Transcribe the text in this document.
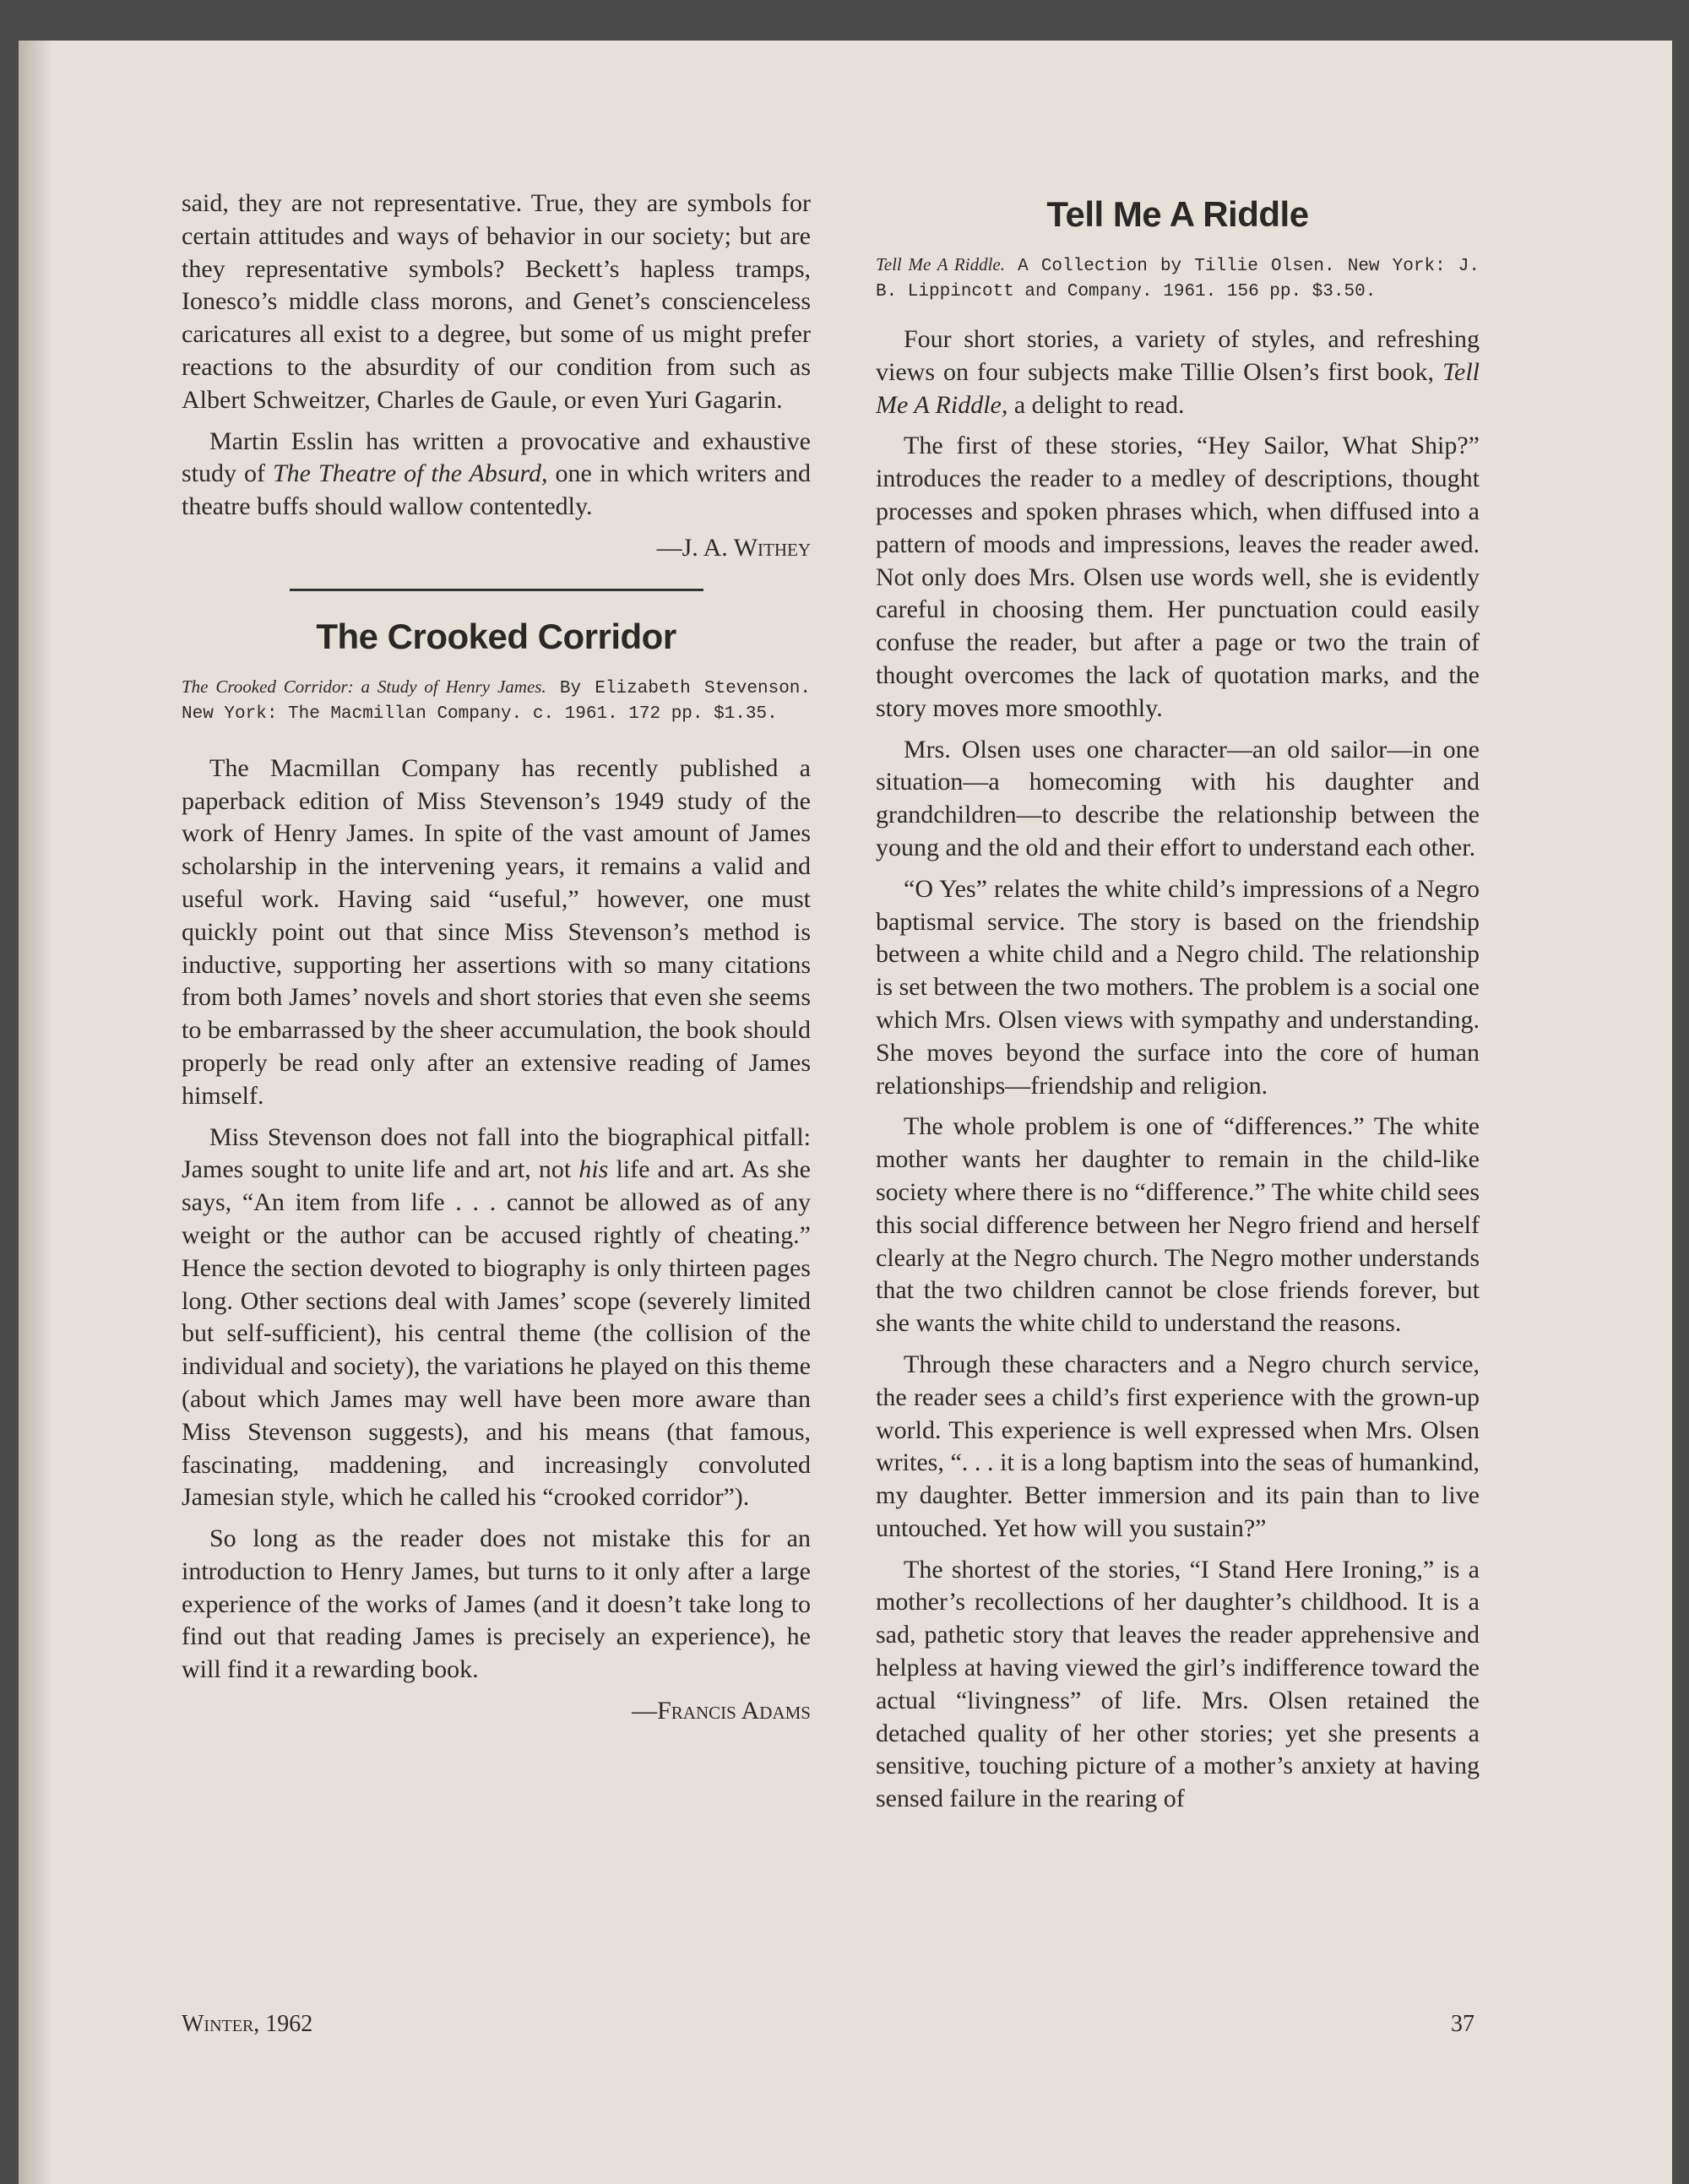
said, they are not representative. True, they are symbols for certain attitudes and ways of behavior in our society; but are they representative symbols? Beckett’s hapless tramps, Ionesco’s middle class morons, and Genet’s conscienceless caricatures all exist to a degree, but some of us might prefer reactions to the absurdity of our condition from such as Albert Schweitzer, Charles de Gaule, or even Yuri Gagarin.

Martin Esslin has written a provocative and exhaustive study of The Theatre of the Absurd, one in which writers and theatre buffs should wallow contentedly.

—J. A. Withey
The Crooked Corridor
The Crooked Corridor: a Study of Henry James. By Elizabeth Stevenson. New York: The Macmillan Company. c. 1961. 172 pp. $1.35.

The Macmillan Company has recently published a paperback edition of Miss Stevenson’s 1949 study of the work of Henry James. In spite of the vast amount of James scholarship in the intervening years, it remains a valid and useful work. Having said “useful,” however, one must quickly point out that since Miss Stevenson’s method is inductive, supporting her assertions with so many citations from both James’ novels and short stories that even she seems to be embarrassed by the sheer accumulation, the book should properly be read only after an extensive reading of James himself.

Miss Stevenson does not fall into the biographical pitfall: James sought to unite life and art, not his life and art. As she says, “An item from life . . . cannot be allowed as of any weight or the author can be accused rightly of cheating.” Hence the section devoted to biography is only thirteen pages long. Other sections deal with James’ scope (severely limited but self-sufficient), his central theme (the collision of the individual and society), the variations he played on this theme (about which James may well have been more aware than Miss Stevenson suggests), and his means (that famous, fascinating, maddening, and increasingly convoluted Jamesian style, which he called his “crooked corridor”).

So long as the reader does not mistake this for an introduction to Henry James, but turns to it only after a large experience of the works of James (and it doesn’t take long to find out that reading James is precisely an experience), he will find it a rewarding book.

—Francis Adams
Tell Me A Riddle
Tell Me A Riddle. A Collection by Tillie Olsen. New York: J. B. Lippincott and Company. 1961. 156 pp. $3.50.

Four short stories, a variety of styles, and refreshing views on four subjects make Tillie Olsen’s first book, Tell Me A Riddle, a delight to read.

The first of these stories, “Hey Sailor, What Ship?” introduces the reader to a medley of descriptions, thought processes and spoken phrases which, when diffused into a pattern of moods and impressions, leaves the reader awed. Not only does Mrs. Olsen use words well, she is evidently careful in choosing them. Her punctuation could easily confuse the reader, but after a page or two the train of thought overcomes the lack of quotation marks, and the story moves more smoothly.

Mrs. Olsen uses one character—an old sailor—in one situation—a homecoming with his daughter and grandchildren—to describe the relationship between the young and the old and their effort to understand each other.

“O Yes” relates the white child’s impressions of a Negro baptismal service. The story is based on the friendship between a white child and a Negro child. The relationship is set between the two mothers. The problem is a social one which Mrs. Olsen views with sympathy and understanding. She moves beyond the surface into the core of human relationships—friendship and religion.

The whole problem is one of “differences.” The white mother wants her daughter to remain in the child-like society where there is no “difference.” The white child sees this social difference between her Negro friend and herself clearly at the Negro church. The Negro mother understands that the two children cannot be close friends forever, but she wants the white child to understand the reasons.

Through these characters and a Negro church service, the reader sees a child’s first experience with the grown-up world. This experience is well expressed when Mrs. Olsen writes, “. . . it is a long baptism into the seas of humankind, my daughter. Better immersion and its pain than to live untouched. Yet how will you sustain?”

The shortest of the stories, “I Stand Here Ironing,” is a mother’s recollections of her daughter’s childhood. It is a sad, pathetic story that leaves the reader apprehensive and helpless at having viewed the girl’s indifference toward the actual “livingness” of life. Mrs. Olsen retained the detached quality of her other stories; yet she presents a sensitive, touching picture of a mother’s anxiety at having sensed failure in the rearing of

Winter, 1962	37
